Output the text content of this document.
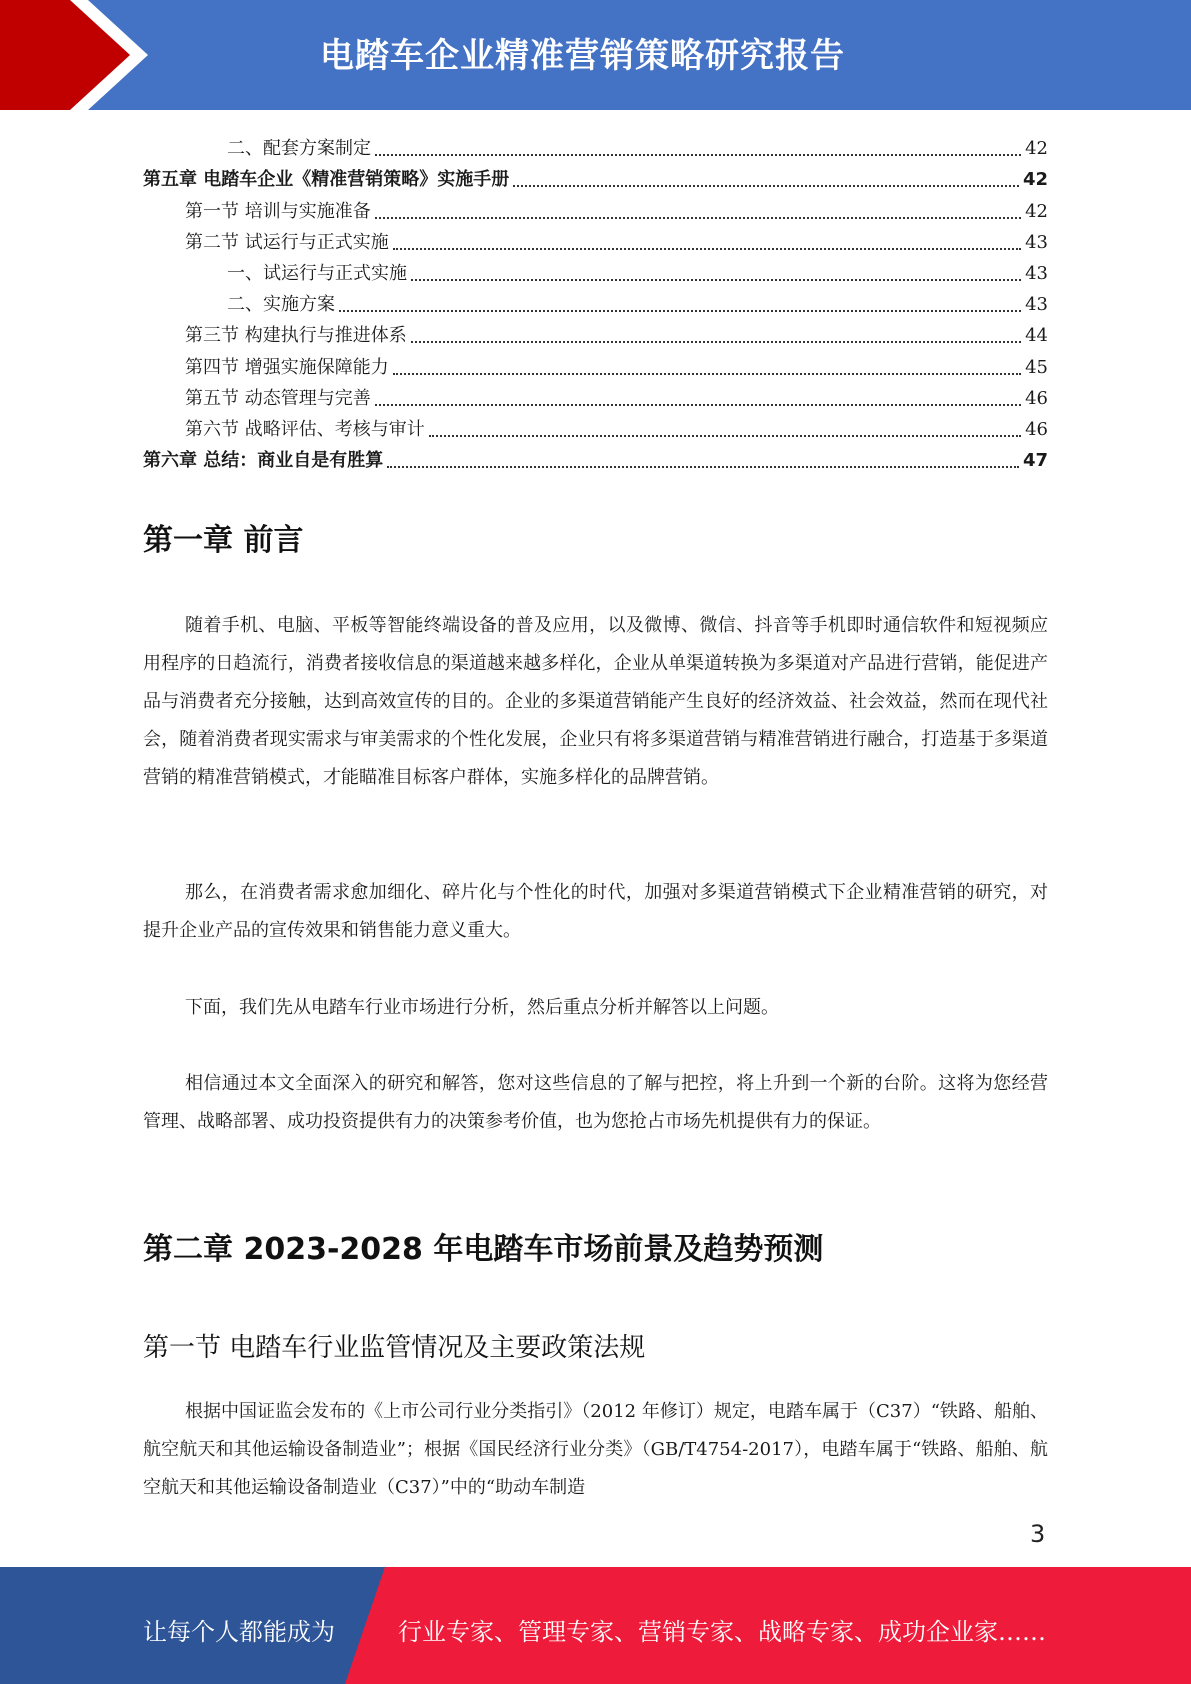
电踏车企业精准营销策略研究报告
二、配套方案制定	42
第五章 电踏车企业《精准营销策略》实施手册	42
第一节 培训与实施准备	42
第二节 试运行与正式实施	43
一、试运行与正式实施	43
二、实施方案	43
第三节 构建执行与推进体系	44
第四节 增强实施保障能力	45
第五节 动态管理与完善	46
第六节 战略评估、考核与审计	46
第六章 总结：商业自是有胜算	47
第一章 前言

随着手机、电脑、平板等智能终端设备的普及应用，以及微博、微信、抖音等手机即时通信软件和短视频应用程序的日趋流行，消费者接收信息的渠道越来越多样化，企业从单渠道转换为多渠道对产品进行营销，能促进产品与消费者充分接触，达到高效宣传的目的。企业的多渠道营销能产生良好的经济效益、社会效益，然而在现代社会，随着消费者现实需求与审美需求的个性化发展，企业只有将多渠道营销与精准营销进行融合，打造基于多渠道营销的精准营销模式，才能瞄准目标客户群体，实施多样化的品牌营销。

那么，在消费者需求愈加细化、碎片化与个性化的时代，加强对多渠道营销模式下企业精准营销的研究，对提升企业产品的宣传效果和销售能力意义重大。

下面，我们先从电踏车行业市场进行分析，然后重点分析并解答以上问题。

相信通过本文全面深入的研究和解答，您对这些信息的了解与把控，将上升到一个新的台阶。这将为您经营管理、战略部署、成功投资提供有力的决策参考价值，也为您抢占市场先机提供有力的保证。

第二章 2023-2028 年电踏车市场前景及趋势预测
第一节 电踏车行业监管情况及主要政策法规

根据中国证监会发布的《上市公司行业分类指引》（2012 年修订）规定，电踏车属于（C37）“铁路、船舶、航空航天和其他运输设备制造业”；根据《国民经济行业分类》（GB/T4754-2017），电踏车属于“铁路、船舶、航空航天和其他运输设备制造业（C37）”中的“助动车制造

3
让每个人都能成为	行业专家、管理专家、营销专家、战略专家、成功企业家……
